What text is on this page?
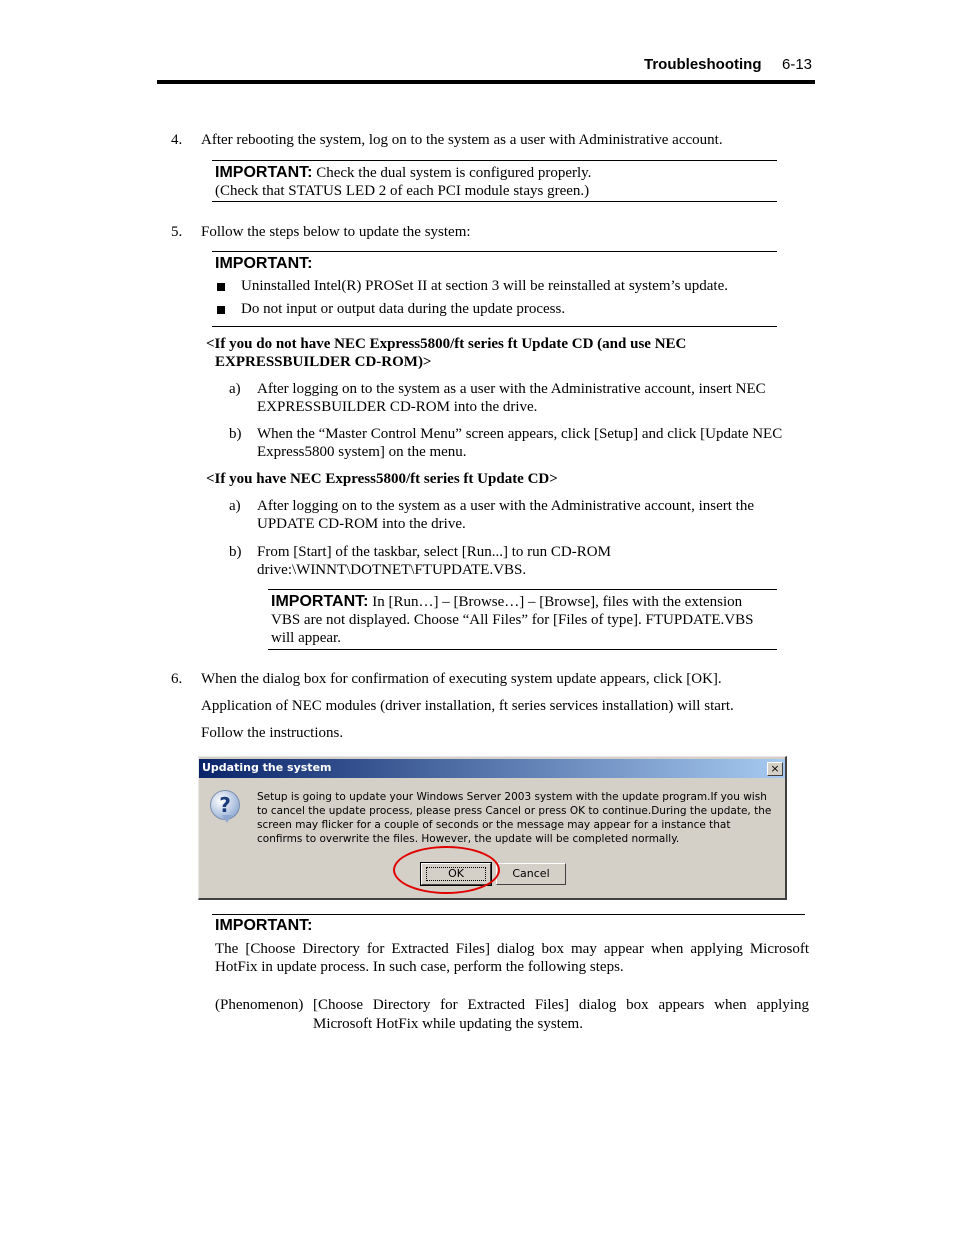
Troubleshooting 6-13
4.	After rebooting the system, log on to the system as a user with Administrative account.
IMPORTANT: Check the dual system is configured properly.
(Check that STATUS LED 2 of each PCI module stays green.)
5.	Follow the steps below to update the system:
IMPORTANT:
Uninstalled Intel(R) PROSet II at section 3 will be reinstalled at system’s update.
Do not input or output data during the update process.
<If you do not have NEC Express5800/ft series ft Update CD (and use NEC
EXPRESSBUILDER CD-ROM)>
a) After logging on to the system as a user with the Administrative account, insert NEC
EXPRESSBUILDER CD-ROM into the drive.
b) When the “Master Control Menu” screen appears, click [Setup] and click [Update NEC
Express5800 system] on the menu.
<If you have NEC Express5800/ft series ft Update CD>
a) After logging on to the system as a user with the Administrative account, insert the
UPDATE CD-ROM into the drive.
b) From [Start] of the taskbar, select [Run...] to run CD-ROM
drive:\WINNT\DOTNET\FTUPDATE.VBS.
IMPORTANT: In [Run…] – [Browse…] – [Browse], files with the extension
VBS are not displayed. Choose “All Files” for [Files of type]. FTUPDATE.VBS
will appear.
6.	When the dialog box for confirmation of executing system update appears, click [OK].
Application of NEC modules (driver installation, ft series services installation) will start.
Follow the instructions.
Updating the system	×
?	Setup is going to update your Windows Server 2003 system with the update program.If you wish to cancel the update process, please press Cancel or press OK to continue.During the update, the screen may flicker for a couple of seconds or the message may appear for a instance that confirms to overwrite the files. However, the update will be completed normally.
OK	Cancel
IMPORTANT:
The [Choose Directory for Extracted Files] dialog box may appear when applying Microsoft
HotFix in update process. In such case, perform the following steps.
(Phenomenon) [Choose Directory for Extracted Files] dialog box appears when applying
Microsoft HotFix while updating the system.
